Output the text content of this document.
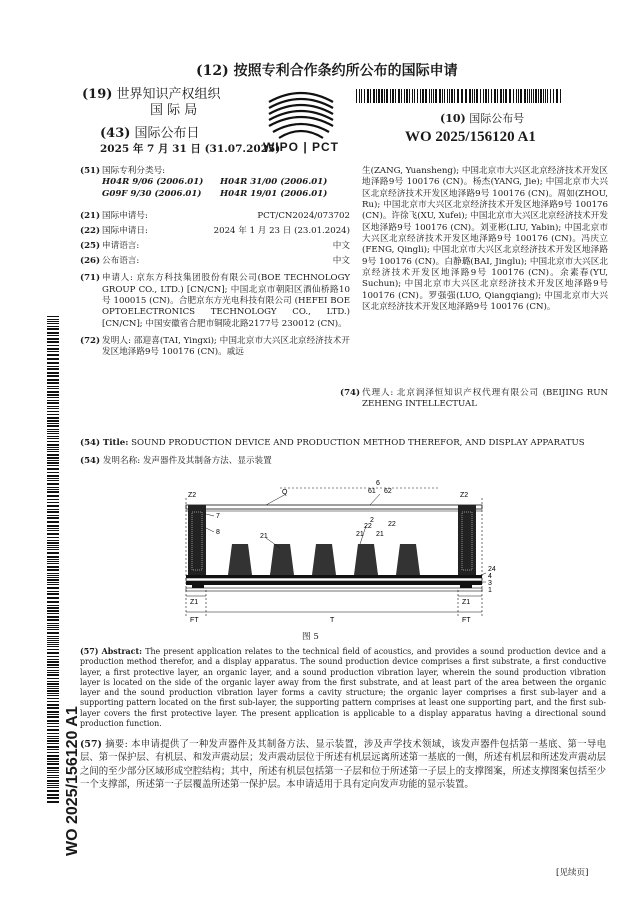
(12) 按照专利合作条约所公布的国际申请
(19) 世界知识产权组织
国 际 局
(43) 国际公布日
2025 年 7 月 31 日 (31.07.2025)
WIPO | PCT
(10) 国际公布号
WO 2025/156120 A1
(51) 国际专利分类号:
H04R 9/06 (2006.01) H04R 31/00 (2006.01)
G09F 9/30 (2006.01) H04R 19/01 (2006.01)
(21) 国际申请号:	PCT/CN2024/073702
(22) 国际申请日:	2024 年 1 月 23 日 (23.01.2024)
(25) 申请语言:	中文
(26) 公布语言:	中文
(71) 申请人: 京东方科技集团股份有限公司(BOE TECHNOLOGY GROUP CO., LTD.) [CN/CN]; 中国北京市朝阳区酒仙桥路10号 100015 (CN)。合肥京东方光电科技有限公司 (HEFEI BOE OPTOELECTRONICS TECHNOLOGY CO., LTD.) [CN/CN]; 中国安徽省合肥市铜陵北路2177号 230012 (CN)。
(72) 发明人: 邵迎喜(TAI, Yingxi); 中国北京市大兴区北京经济技术开发区地泽路9号 100176 (CN)。戚远
生(ZANG, Yuansheng); 中国北京市大兴区北京经济技术开发区地泽路9号 100176 (CN)。杨杰(YANG, Jie); 中国北京市大兴区北京经济技术开发区地泽路9号 100176 (CN)。周如(ZHOU, Ru); 中国北京市大兴区北京经济技术开发区地泽路9号 100176 (CN)。许徐飞(XU, Xufei); 中国北京市大兴区北京经济技术开发区地泽路9号 100176 (CN)。刘亚彬(LIU, Yabin); 中国北京市大兴区北京经济技术开发区地泽路9号 100176 (CN)。冯庆立(FENG, Qingli); 中国北京市大兴区北京经济技术开发区地泽路9号 100176 (CN)。白静璐(BAI, Jinglu); 中国北京市大兴区北京经济技术开发区地泽路9号 100176 (CN)。余素春(YU, Suchun); 中国北京市大兴区北京经济技术开发区地泽路9号 100176 (CN)。罗强强(LUO, Qiangqiang); 中国北京市大兴区北京经济技术开发区地泽路9号 100176 (CN)。
(74) 代理人: 北京润泽恒知识产权代理有限公司 (BEIJING RUN ZEHENG INTELLECTUAL
(54) Title: SOUND PRODUCTION DEVICE AND PRODUCTION METHOD THEREFOR, AND DISPLAY APPARATUS
(54) 发明名称: 发声器件及其制备方法、显示装置
Z2	Q
6
61 62
Z2
7
8
2
22
21	21 21
22
24
4
3
1
Z1	Z1
FT	T	FT
图 5
(57) Abstract: The present application relates to the technical field of acoustics, and provides a sound production device and a production method therefor, and a display apparatus. The sound production device comprises a first substrate, a first conductive layer, a first protective layer, an organic layer, and a sound production vibration layer, wherein the sound production vibration layer is located on the side of the organic layer away from the first substrate, and at least part of the area between the organic layer and the sound production vibration layer forms a cavity structure; the organic layer comprises a first sub-layer and a supporting pattern located on the first sub-layer, the supporting pattern comprises at least one supporting part, and the first sub-layer covers the first protective layer. The present application is applicable to a display apparatus having a directional sound production function.
(57) 摘要: 本申请提供了一种发声器件及其制备方法、显示装置，涉及声学技术领域，该发声器件包括第一基底、第一导电层、第一保护层、有机层、和发声震动层；发声震动层位于所述有机层远离所述第一基底的一侧，所述有机层和所述发声震动层之间的至少部分区域形成空腔结构；其中，所述有机层包括第一子层和位于所述第一子层上的支撑图案，所述支撑图案包括至少一个支撑部，所述第一子层覆盖所述第一保护层。本申请适用于具有定向发声功能的显示装置。
[见续页]
WO 2025/156120 A1
